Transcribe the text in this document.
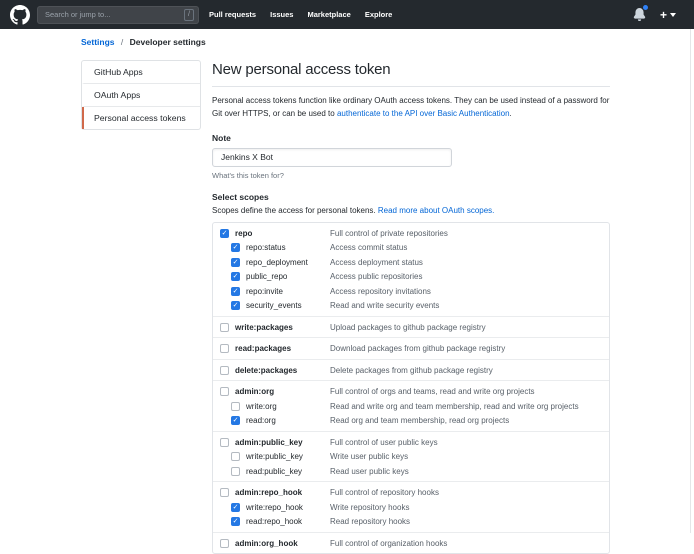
Search or jump to...
/	Pull requests Issues Marketplace Explore	+
Settings / Developer settings
GitHub Apps
OAuth Apps
Personal access tokens
New personal access token

Personal access tokens function like ordinary OAuth access tokens. They can be used instead of a password for Git over HTTPS, or can be used to authenticate to the API over Basic Authentication.

Note
Jenkins X Bot
What's this token for?
Select scopes
Scopes define the access for personal tokens. Read more about OAuth scopes.
✓ repo	Full control of private repositories
✓ repo:status	Access commit status
✓ repo_deployment	Access deployment status
✓ public_repo	Access public repositories
✓ repo:invite	Access repository invitations
✓ security_events	Read and write security events
write:packages	Upload packages to github package registry
read:packages	Download packages from github package registry
delete:packages	Delete packages from github package registry
admin:org	Full control of orgs and teams, read and write org projects
write:org	Read and write org and team membership, read and write org projects
✓ read:org	Read org and team membership, read org projects
admin:public_key	Full control of user public keys
write:public_key	Write user public keys
read:public_key	Read user public keys
admin:repo_hook	Full control of repository hooks
✓ write:repo_hook	Write repository hooks
✓ read:repo_hook	Read repository hooks
admin:org_hook	Full control of organization hooks
